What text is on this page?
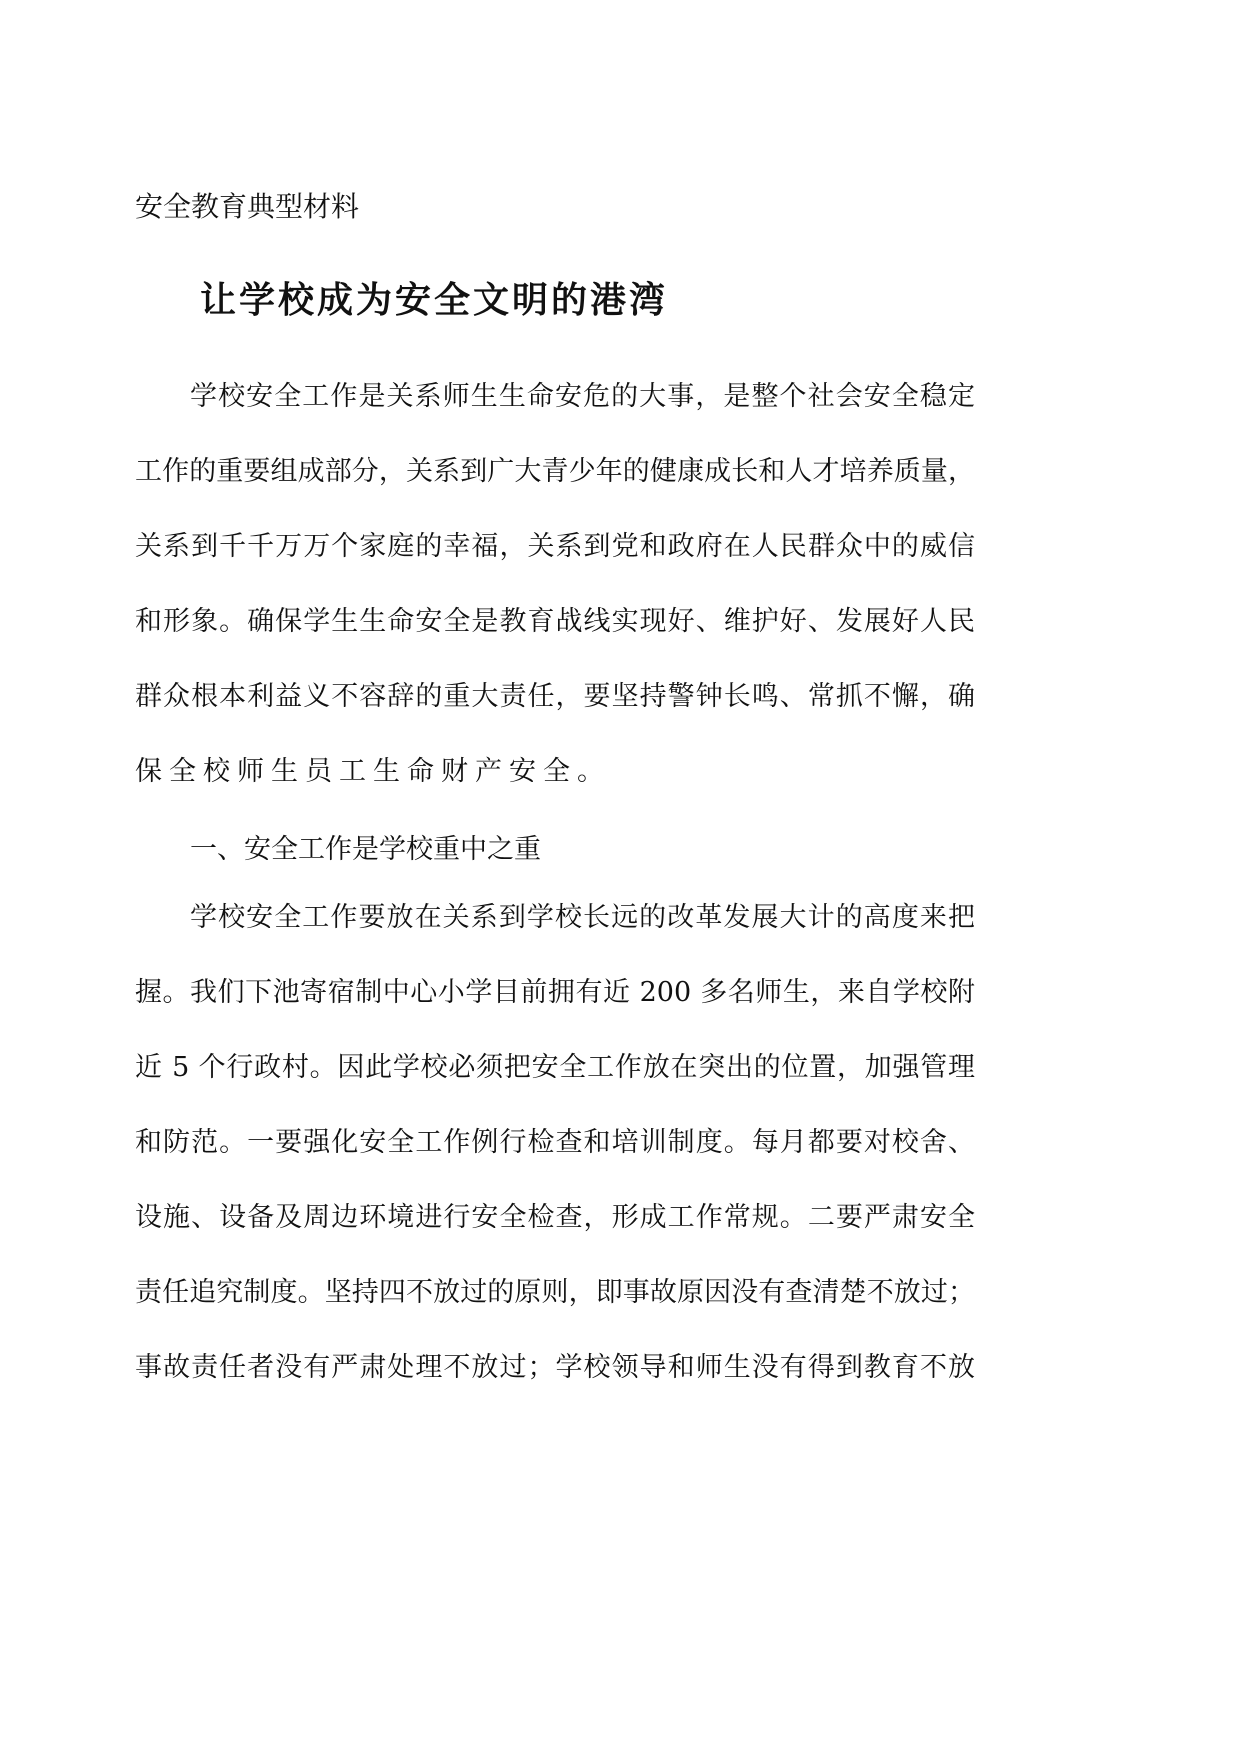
安全教育典型材料
让学校成为安全文明的港湾
学校安全工作是关系师生生命安危的大事，是整个社会安全稳定
工作的重要组成部分，关系到广大青少年的健康成长和人才培养质量，
关系到千千万万个家庭的幸福，关系到党和政府在人民群众中的威信
和形象。确保学生生命安全是教育战线实现好、维护好、发展好人民
群众根本利益义不容辞的重大责任，要坚持警钟长鸣、常抓不懈，确
保全校师生员工生命财产安全。
一、安全工作是学校重中之重
学校安全工作要放在关系到学校长远的改革发展大计的高度来把
握。我们下池寄宿制中心小学目前拥有近 200 多名师生，来自学校附
近 5 个行政村。因此学校必须把安全工作放在突出的位置，加强管理
和防范。一要强化安全工作例行检查和培训制度。每月都要对校舍、
设施、设备及周边环境进行安全检查，形成工作常规。二要严肃安全
责任追究制度。坚持四不放过的原则，即事故原因没有查清楚不放过；
事故责任者没有严肃处理不放过；学校领导和师生没有得到教育不放
